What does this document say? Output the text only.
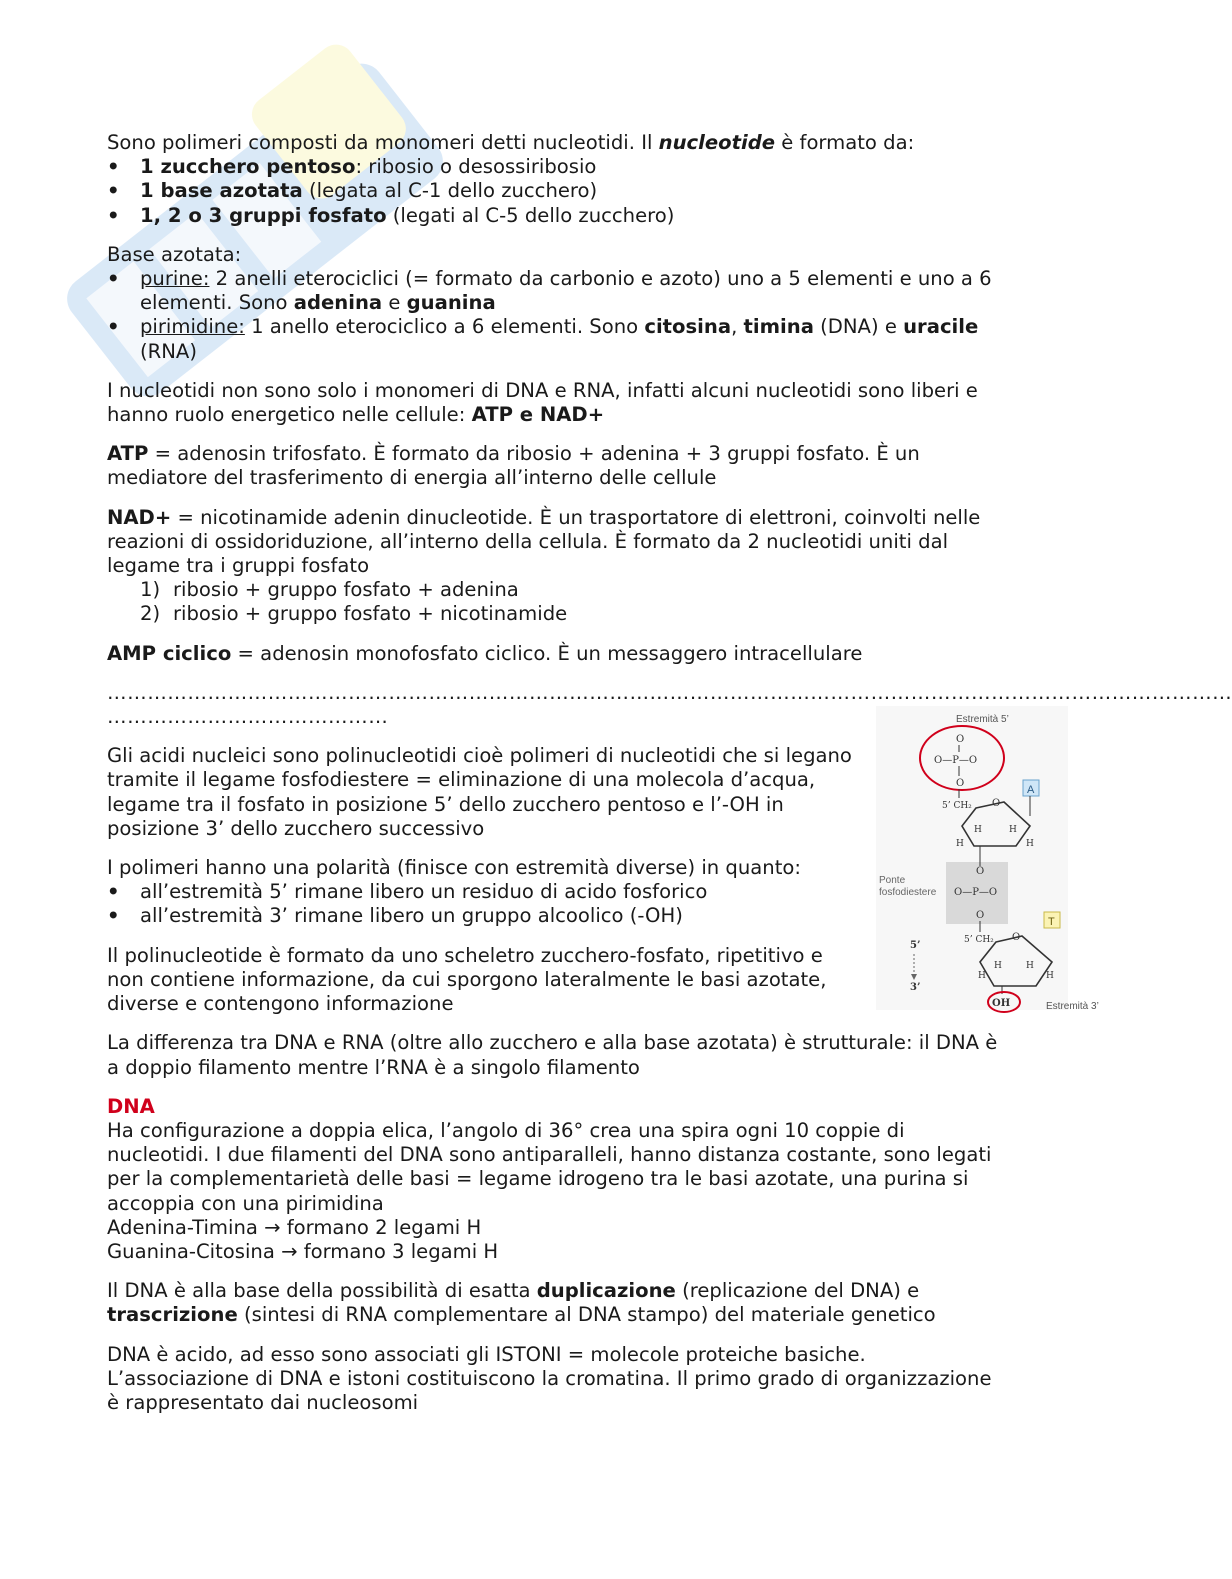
Sono polimeri composti da monomeri detti nucleotidi. Il nucleotide è formato da:

• 1 zucchero pentoso: ribosio o desossiribosio
• 1 base azotata (legata al C-1 dello zucchero)
• 1, 2 o 3 gruppi fosfato (legati al C-5 dello zucchero)

Base azotata:

• purine: 2 anelli eterociclici (= formato da carbonio e azoto) uno a 5 elementi e uno a 6 elementi. Sono adenina e guanina
• pirimidine: 1 anello eterociclico a 6 elementi. Sono citosina, timina (DNA) e uracile (RNA)

I nucleotidi non sono solo i monomeri di DNA e RNA, infatti alcuni nucleotidi sono liberi e hanno ruolo energetico nelle cellule: ATP e NAD+

ATP = adenosin trifosfato. È formato da ribosio + adenina + 3 gruppi fosfato. È un mediatore del trasferimento di energia all’interno delle cellule

NAD+ = nicotinamide adenin dinucleotide. È un trasportatore di elettroni, coinvolti nelle reazioni di ossidoriduzione, all’interno della cellula. È formato da 2 nucleotidi uniti dal legame tra i gruppi fosfato

1) ribosio + gruppo fosfato + adenina
2) ribosio + gruppo fosfato + nicotinamide

AMP ciclico = adenosin monofosfato ciclico. È un messaggero intracellulare

……………………………………………………………………………………………………………………………………………………

……………………………………

Gli acidi nucleici sono polinucleotidi cioè polimeri di nucleotidi che si legano tramite il legame fosfodiestere = eliminazione di una molecola d’acqua, legame tra il fosfato in posizione 5’ dello zucchero pentoso e l’-OH in posizione 3’ dello zucchero successivo

I polimeri hanno una polarità (finisce con estremità diverse) in quanto:

• all’estremità 5’ rimane libero un residuo di acido fosforico
• all’estremità 3’ rimane libero un gruppo alcoolico (-OH)

Il polinucleotide è formato da uno scheletro zucchero-fosfato, ripetitivo e non contiene informazione, da cui sporgono lateralmente le basi azotate, diverse e contengono informazione

La differenza tra DNA e RNA (oltre allo zucchero e alla base azotata) è strutturale: il DNA è a doppio filamento mentre l’RNA è a singolo filamento

DNA

Ha configurazione a doppia elica, l’angolo di 36° crea una spira ogni 10 coppie di nucleotidi. I due filamenti del DNA sono antiparalleli, hanno distanza costante, sono legati per la complementarietà delle basi = legame idrogeno tra le basi azotate, una purina si accoppia con una pirimidina

Adenina-Timina → formano 2 legami H

Guanina-Citosina → formano 3 legami H

Il DNA è alla base della possibilità di esatta duplicazione (replicazione del DNA) e trascrizione (sintesi di RNA complementare al DNA stampo) del materiale genetico

DNA è acido, ad esso sono associati gli ISTONI = molecole proteiche basiche. L’associazione di DNA e istoni costituiscono la cromatina. Il primo grado di organizzazione è rappresentato dai nucleosomi

Estremità 5’
O
O—P—O
O
5’ CH₂
A
O
H	H
H	H
O
O—P—O
O
Ponte
fosfodiestere
5’ CH₂
T
O
H	H
H	H
5’
3’
OH	Estremità 3’
